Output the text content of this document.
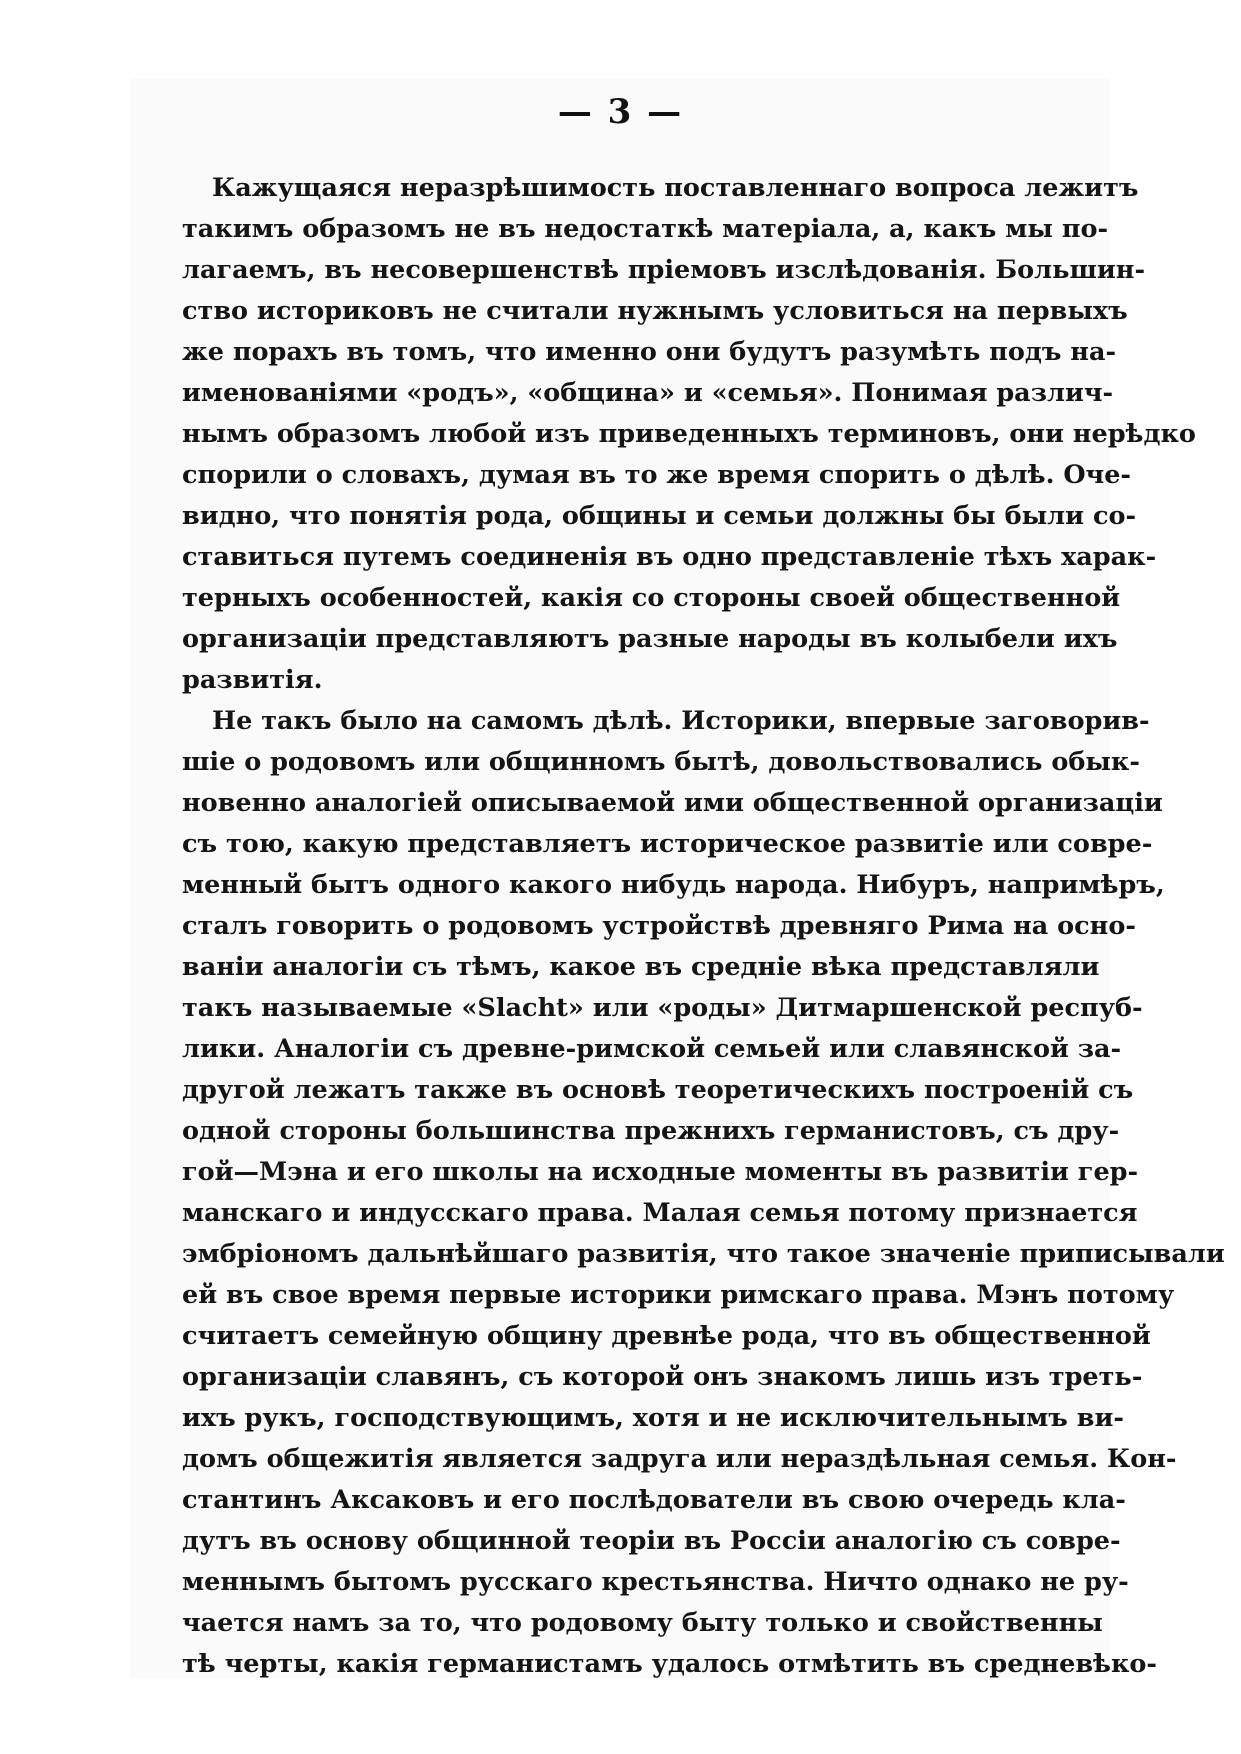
— 3 —
Кажущаяся неразрѣшимость поставленнаго вопроса лежитъ
такимъ образомъ не въ недостаткѣ матеріала, а, какъ мы по-
лагаемъ, въ несовершенствѣ пріемовъ изслѣдованія. Большин-
ство историковъ не считали нужнымъ условиться на первыхъ
же порахъ въ томъ, что именно они будутъ разумѣть подъ на-
именованіями «родъ», «община» и «семья». Понимая различ-
нымъ образомъ любой изъ приведенныхъ терминовъ, они нерѣдко
спорили о словахъ, думая въ то же время спорить о дѣлѣ. Оче-
видно, что понятія рода, общины и семьи должны бы были со-
ставиться путемъ соединенія въ одно представленіе тѣхъ харак-
терныхъ особенностей, какія со стороны своей общественной
организаціи представляютъ разные народы въ колыбели ихъ
развитія.
Не такъ было на самомъ дѣлѣ. Историки, впервые заговорив-
шіе о родовомъ или общинномъ бытѣ, довольствовались обык-
новенно аналогіей описываемой ими общественной организаціи
съ тою, какую представляетъ историческое развитіе или совре-
менный бытъ одного какого нибудь народа. Нибуръ, напримѣръ,
сталъ говорить о родовомъ устройствѣ древняго Рима на осно-
ваніи аналогіи съ тѣмъ, какое въ средніе вѣка представляли
такъ называемые «Slacht» или «роды» Дитмаршенской респуб-
лики. Аналогіи съ древне-римской семьей или славянской за-
другой лежатъ также въ основѣ теоретическихъ построеній съ
одной стороны большинства прежнихъ германистовъ, съ дру-
гой—Мэна и его школы на исходные моменты въ развитіи гер-
манскаго и индусскаго права. Малая семья потому признается
эмбріономъ дальнѣйшаго развитія, что такое значеніе приписывали
ей въ свое время первые историки римскаго права. Мэнъ потому
считаетъ семейную общину древнѣе рода, что въ общественной
организаціи славянъ, съ которой онъ знакомъ лишь изъ треть-
ихъ рукъ, господствующимъ, хотя и не исключительнымъ ви-
домъ общежитія является задруга или нераздѣльная семья. Кон-
стантинъ Аксаковъ и его послѣдователи въ свою очередь кла-
дутъ въ основу общинной теоріи въ Россіи аналогію съ совре-
меннымъ бытомъ русскаго крестьянства. Ничто однако не ру-
чается намъ за то, что родовому быту только и свойственны
тѣ черты, какія германистамъ удалось отмѣтить въ средневѣко-
